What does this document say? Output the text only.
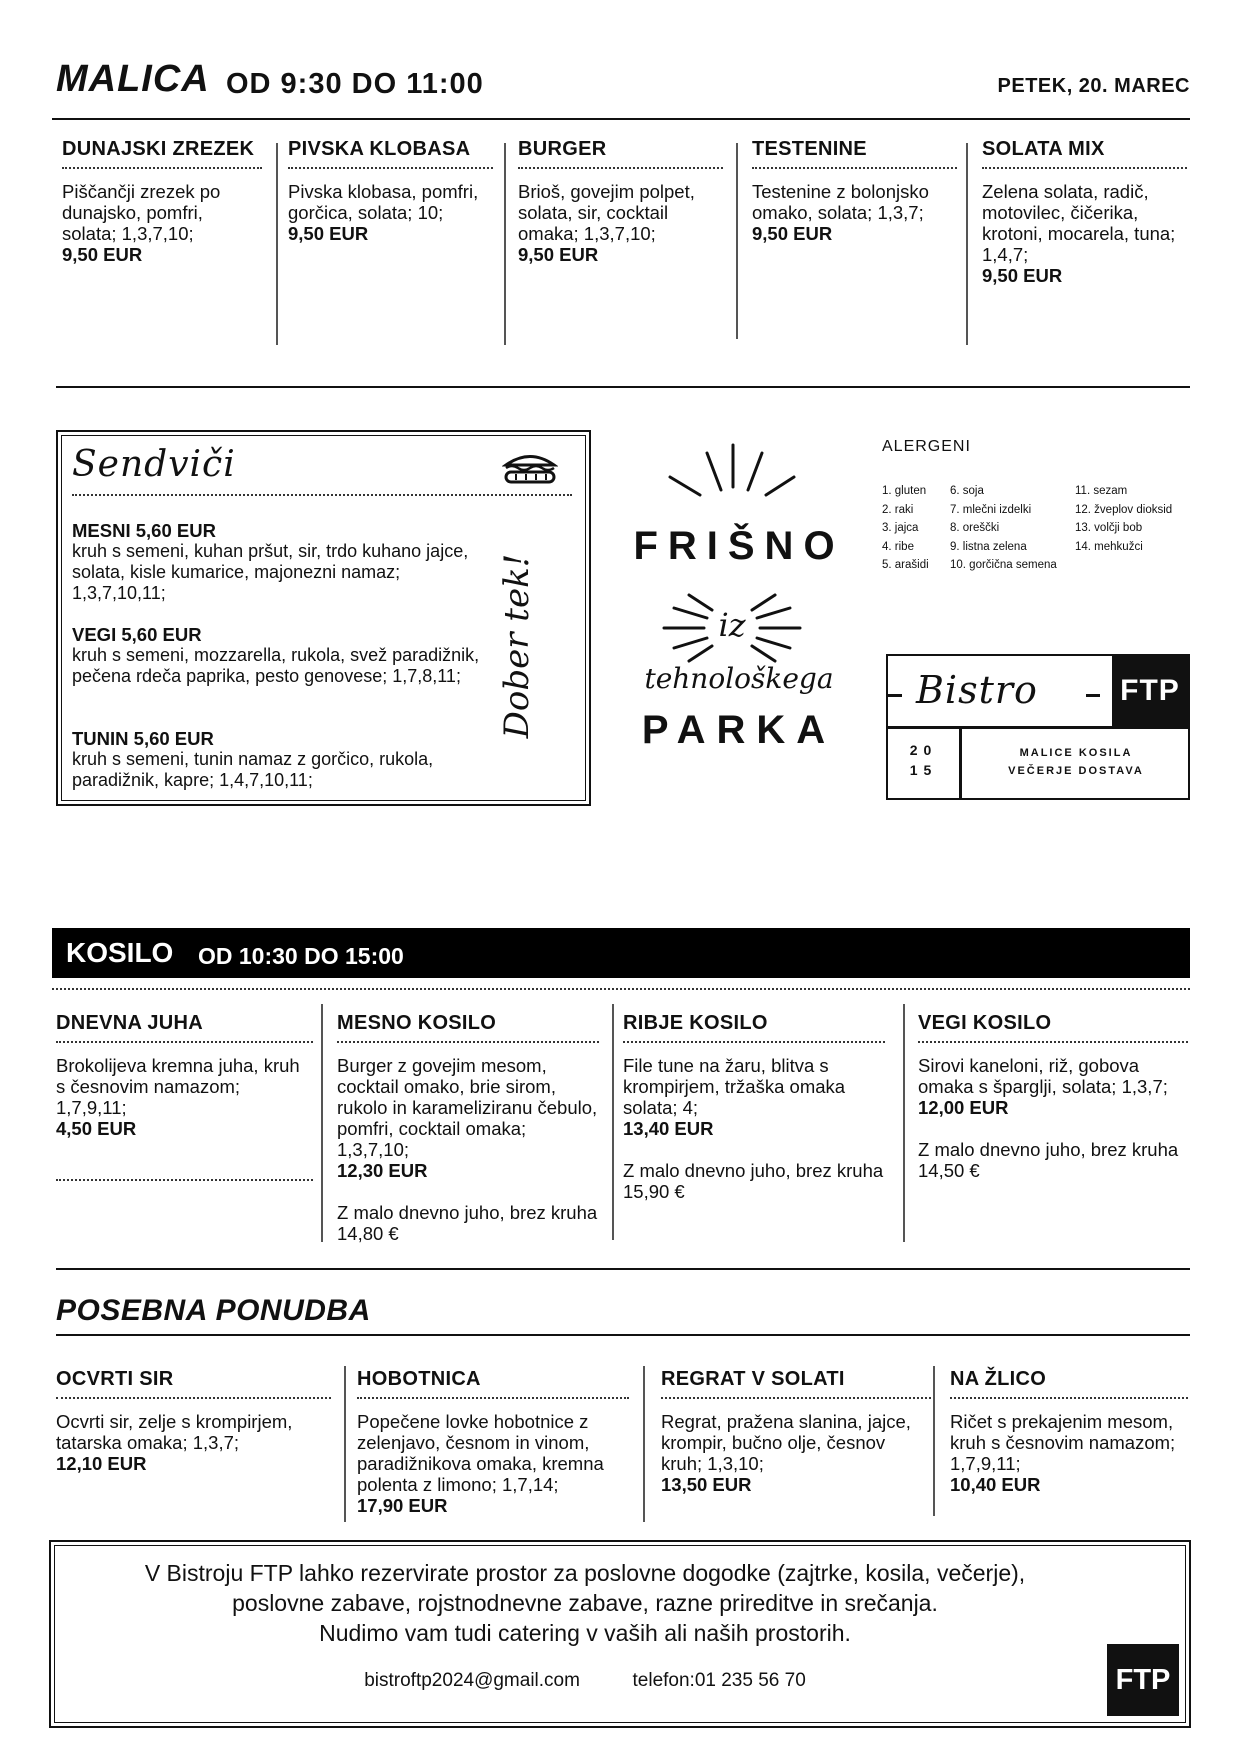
MALICA OD 9:30 DO 11:00	PETEK, 20. MAREC
DUNAJSKI ZREZEK
Piščančji zrezek po dunajsko, pomfri, solata; 1,3,7,10;
9,50 EUR
PIVSKA KLOBASA
Pivska klobasa, pomfri, gorčica, solata; 10;
9,50 EUR
BURGER
Brioš, govejim polpet, solata, sir, cocktail omaka; 1,3,7,10;
9,50 EUR
TESTENINE
Testenine z bolonjsko omako, solata; 1,3,7;
9,50 EUR
SOLATA MIX
Zelena solata, radič, motovilec, čičerika, krotoni, mocarela, tuna; 1,4,7;
9,50 EUR
Sendviči
MESNI 5,60 EUR
kruh s semeni, kuhan pršut, sir, trdo kuhano jajce, solata, kisle kumarice, majonezni namaz; 1,3,7,10,11;
VEGI 5,60 EUR
kruh s semeni, mozzarella, rukola, svež paradižnik, pečena rdeča paprika, pesto genovese; 1,7,8,11;
TUNIN 5,60 EUR
kruh s semeni, tunin namaz z gorčico, rukola, paradižnik, kapre; 1,4,7,10,11;
Dober tek!
FRIŠNO
iz
tehnološkega
PARKA
ALERGENI
1. gluten
2. raki
3. jajca
4. ribe
5. arašidi
6. soja
7. mlečni izdelki
8. oreščki
9. listna zelena
10. gorčična semena
11. sezam
12. žveplov dioksid
13. volčji bob
14. mehkužci
Bistro	FTP
20
15
MALICE KOSILA
VEČERJE DOSTAVA
KOSILO OD 10:30 DO 15:00
DNEVNA JUHA
Brokolijeva kremna juha, kruh s česnovim namazom; 1,7,9,11;
4,50 EUR
MESNO KOSILO
Burger z govejim mesom, cocktail omako, brie sirom, rukolo in karameliziranu čebulo, pomfri, cocktail omaka; 1,3,7,10;
12,30 EUR
Z malo dnevno juho, brez kruha 14,80 €
RIBJE KOSILO
File tune na žaru, blitva s krompirjem, tržaška omaka solata; 4;
13,40 EUR
Z malo dnevno juho, brez kruha 15,90 €
VEGI KOSILO
Sirovi kaneloni, riž, gobova omaka s šparglji, solata; 1,3,7;
12,00 EUR
Z malo dnevno juho, brez kruha 14,50 €
POSEBNA PONUDBA
OCVRTI SIR
Ocvrti sir, zelje s krompirjem, tatarska omaka; 1,3,7;
12,10 EUR
HOBOTNICA
Popečene lovke hobotnice z zelenjavo, česnom in vinom, paradižnikova omaka, kremna polenta z limono; 1,7,14;
17,90 EUR
REGRAT V SOLATI
Regrat, pražena slanina, jajce, krompir, bučno olje, česnov kruh; 1,3,10;
13,50 EUR
NA ŽLICO
Ričet s prekajenim mesom, kruh s česnovim namazom; 1,7,9,11;
10,40 EUR
V Bistroju FTP lahko rezervirate prostor za poslovne dogodke (zajtrke, kosila, večerje),
poslovne zabave, rojstnodnevne zabave, razne prireditve in srečanja.
Nudimo vam tudi catering v vaših ali naših prostorih.
bistroftp2024@gmail.com	telefon:01 235 56 70	FTP
